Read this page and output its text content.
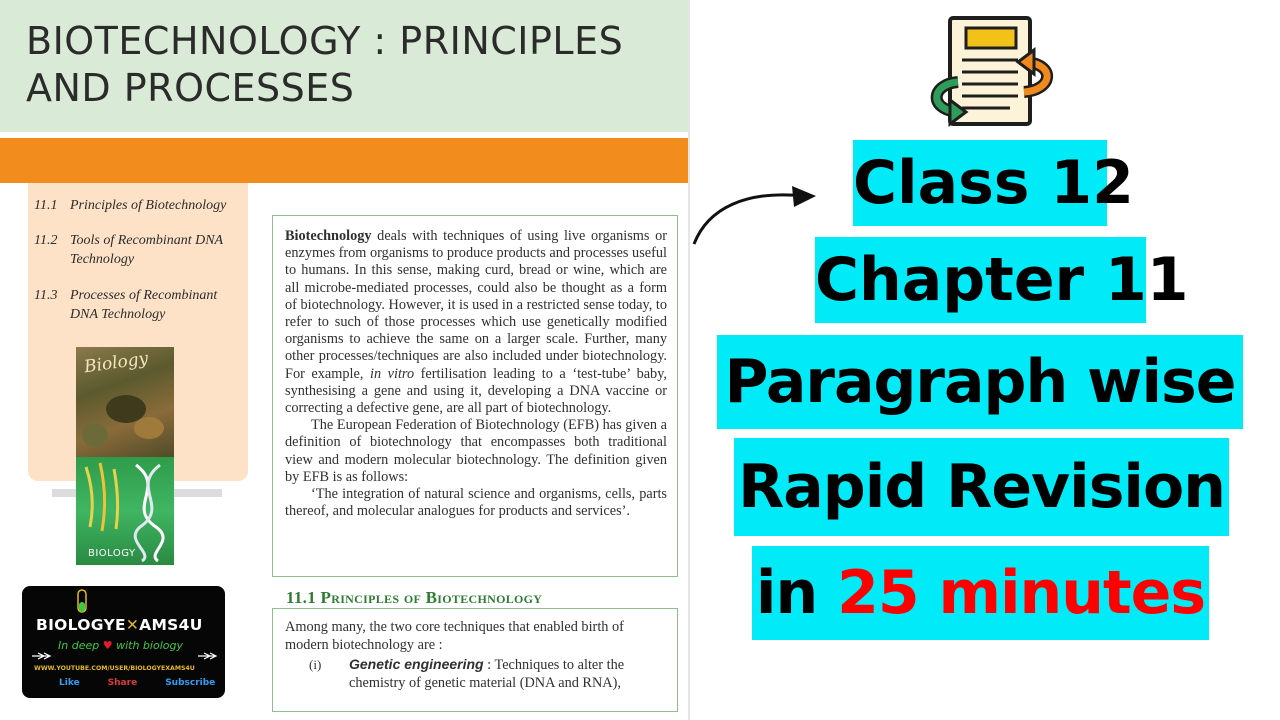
BIOTECHNOLOGY : PRINCIPLES
AND PROCESSES
11.1 Principles of Biotechnology
11.2 Tools of Recombinant DNA Technology
11.3 Processes of Recombinant DNA Technology
Biology
BIOLOGY

Biotechnology deals with techniques of using live organisms or enzymes from organisms to produce products and processes useful to humans. In this sense, making curd, bread or wine, which are all microbe-mediated processes, could also be thought as a form of biotechnology. However, it is used in a restricted sense today, to refer to such of those processes which use genetically modified organisms to achieve the same on a larger scale. Further, many other processes/techniques are also included under biotechnology. For example, in vitro fertilisation leading to a ‘test-tube’ baby, synthesising a gene and using it, developing a DNA vaccine or correcting a defective gene, are all part of biotechnology.

The European Federation of Biotechnology (EFB) has given a definition of biotechnology that encompasses both traditional view and modern molecular biotechnology. The definition given by EFB is as follows:

‘The integration of natural science and organisms, cells, parts thereof, and molecular analogues for products and services’.

11.1 Principles of Biotechnology

Among many, the two core techniques that enabled birth of modern biotechnology are :

(i)	Genetic engineering : Techniques to alter the chemistry of genetic material (DNA and RNA),
BIOLOGYE✕AMS4U
In deep ♥ with biology
WWW.YOUTUBE.COM/USER/BIOLOGYEXAMS4U
Like	Share	Subscribe
Class 12
Chapter 11
Paragraph wise
Rapid Revision
in 25 minutes
